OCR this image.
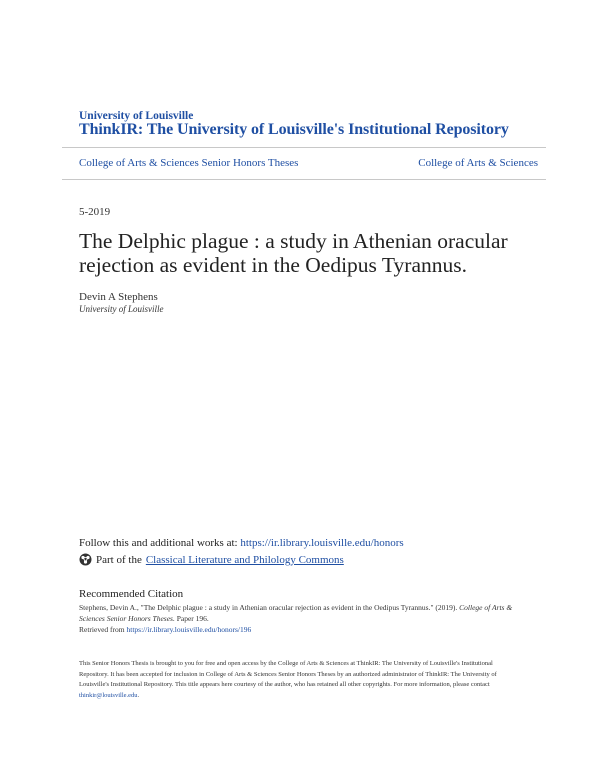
University of Louisville
ThinkIR: The University of Louisville's Institutional Repository
College of Arts & Sciences Senior Honors Theses	College of Arts & Sciences
5-2019
The Delphic plague : a study in Athenian oracular rejection as evident in the Oedipus Tyrannus.
Devin A Stephens
University of Louisville
Follow this and additional works at: https://ir.library.louisville.edu/honors
Part of the Classical Literature and Philology Commons
Recommended Citation
Stephens, Devin A., "The Delphic plague : a study in Athenian oracular rejection as evident in the Oedipus Tyrannus." (2019). College of Arts & Sciences Senior Honors Theses. Paper 196.
Retrieved from https://ir.library.louisville.edu/honors/196
This Senior Honors Thesis is brought to you for free and open access by the College of Arts & Sciences at ThinkIR: The University of Louisville's Institutional Repository. It has been accepted for inclusion in College of Arts & Sciences Senior Honors Theses by an authorized administrator of ThinkIR: The University of Louisville's Institutional Repository. This title appears here courtesy of the author, who has retained all other copyrights. For more information, please contact thinkir@louisville.edu.
